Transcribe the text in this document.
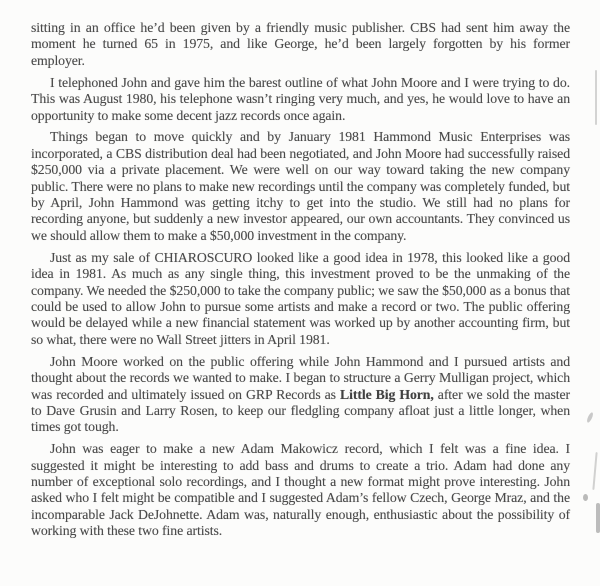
sitting in an office he’d been given by a friendly music publisher. CBS had sent him away the moment he turned 65 in 1975, and like George, he’d been largely forgotten by his former employer.

I telephoned John and gave him the barest outline of what John Moore and I were trying to do. This was August 1980, his telephone wasn’t ringing very much, and yes, he would love to have an opportunity to make some decent jazz records once again.

Things began to move quickly and by January 1981 Hammond Music Enterprises was incorporated, a CBS distribution deal had been negotiated, and John Moore had successfully raised $250,000 via a private placement. We were well on our way toward taking the new company public. There were no plans to make new recordings until the company was completely funded, but by April, John Hammond was getting itchy to get into the studio. We still had no plans for recording anyone, but suddenly a new investor appeared, our own accountants. They convinced us we should allow them to make a $50,000 investment in the company.

Just as my sale of CHIAROSCURO looked like a good idea in 1978, this looked like a good idea in 1981. As much as any single thing, this investment proved to be the unmaking of the company. We needed the $250,000 to take the company public; we saw the $50,000 as a bonus that could be used to allow John to pursue some artists and make a record or two. The public offering would be delayed while a new financial statement was worked up by another accounting firm, but so what, there were no Wall Street jitters in April 1981.

John Moore worked on the public offering while John Hammond and I pursued artists and thought about the records we wanted to make. I began to structure a Gerry Mulligan project, which was recorded and ultimately issued on GRP Records as Little Big Horn, after we sold the master to Dave Grusin and Larry Rosen, to keep our fledgling company afloat just a little longer, when times got tough.

John was eager to make a new Adam Makowicz record, which I felt was a fine idea. I suggested it might be interesting to add bass and drums to create a trio. Adam had done any number of exceptional solo recordings, and I thought a new format might prove interesting. John asked who I felt might be compatible and I suggested Adam’s fellow Czech, George Mraz, and the incomparable Jack DeJohnette. Adam was, naturally enough, enthusiastic about the possibility of working with these two fine artists.
